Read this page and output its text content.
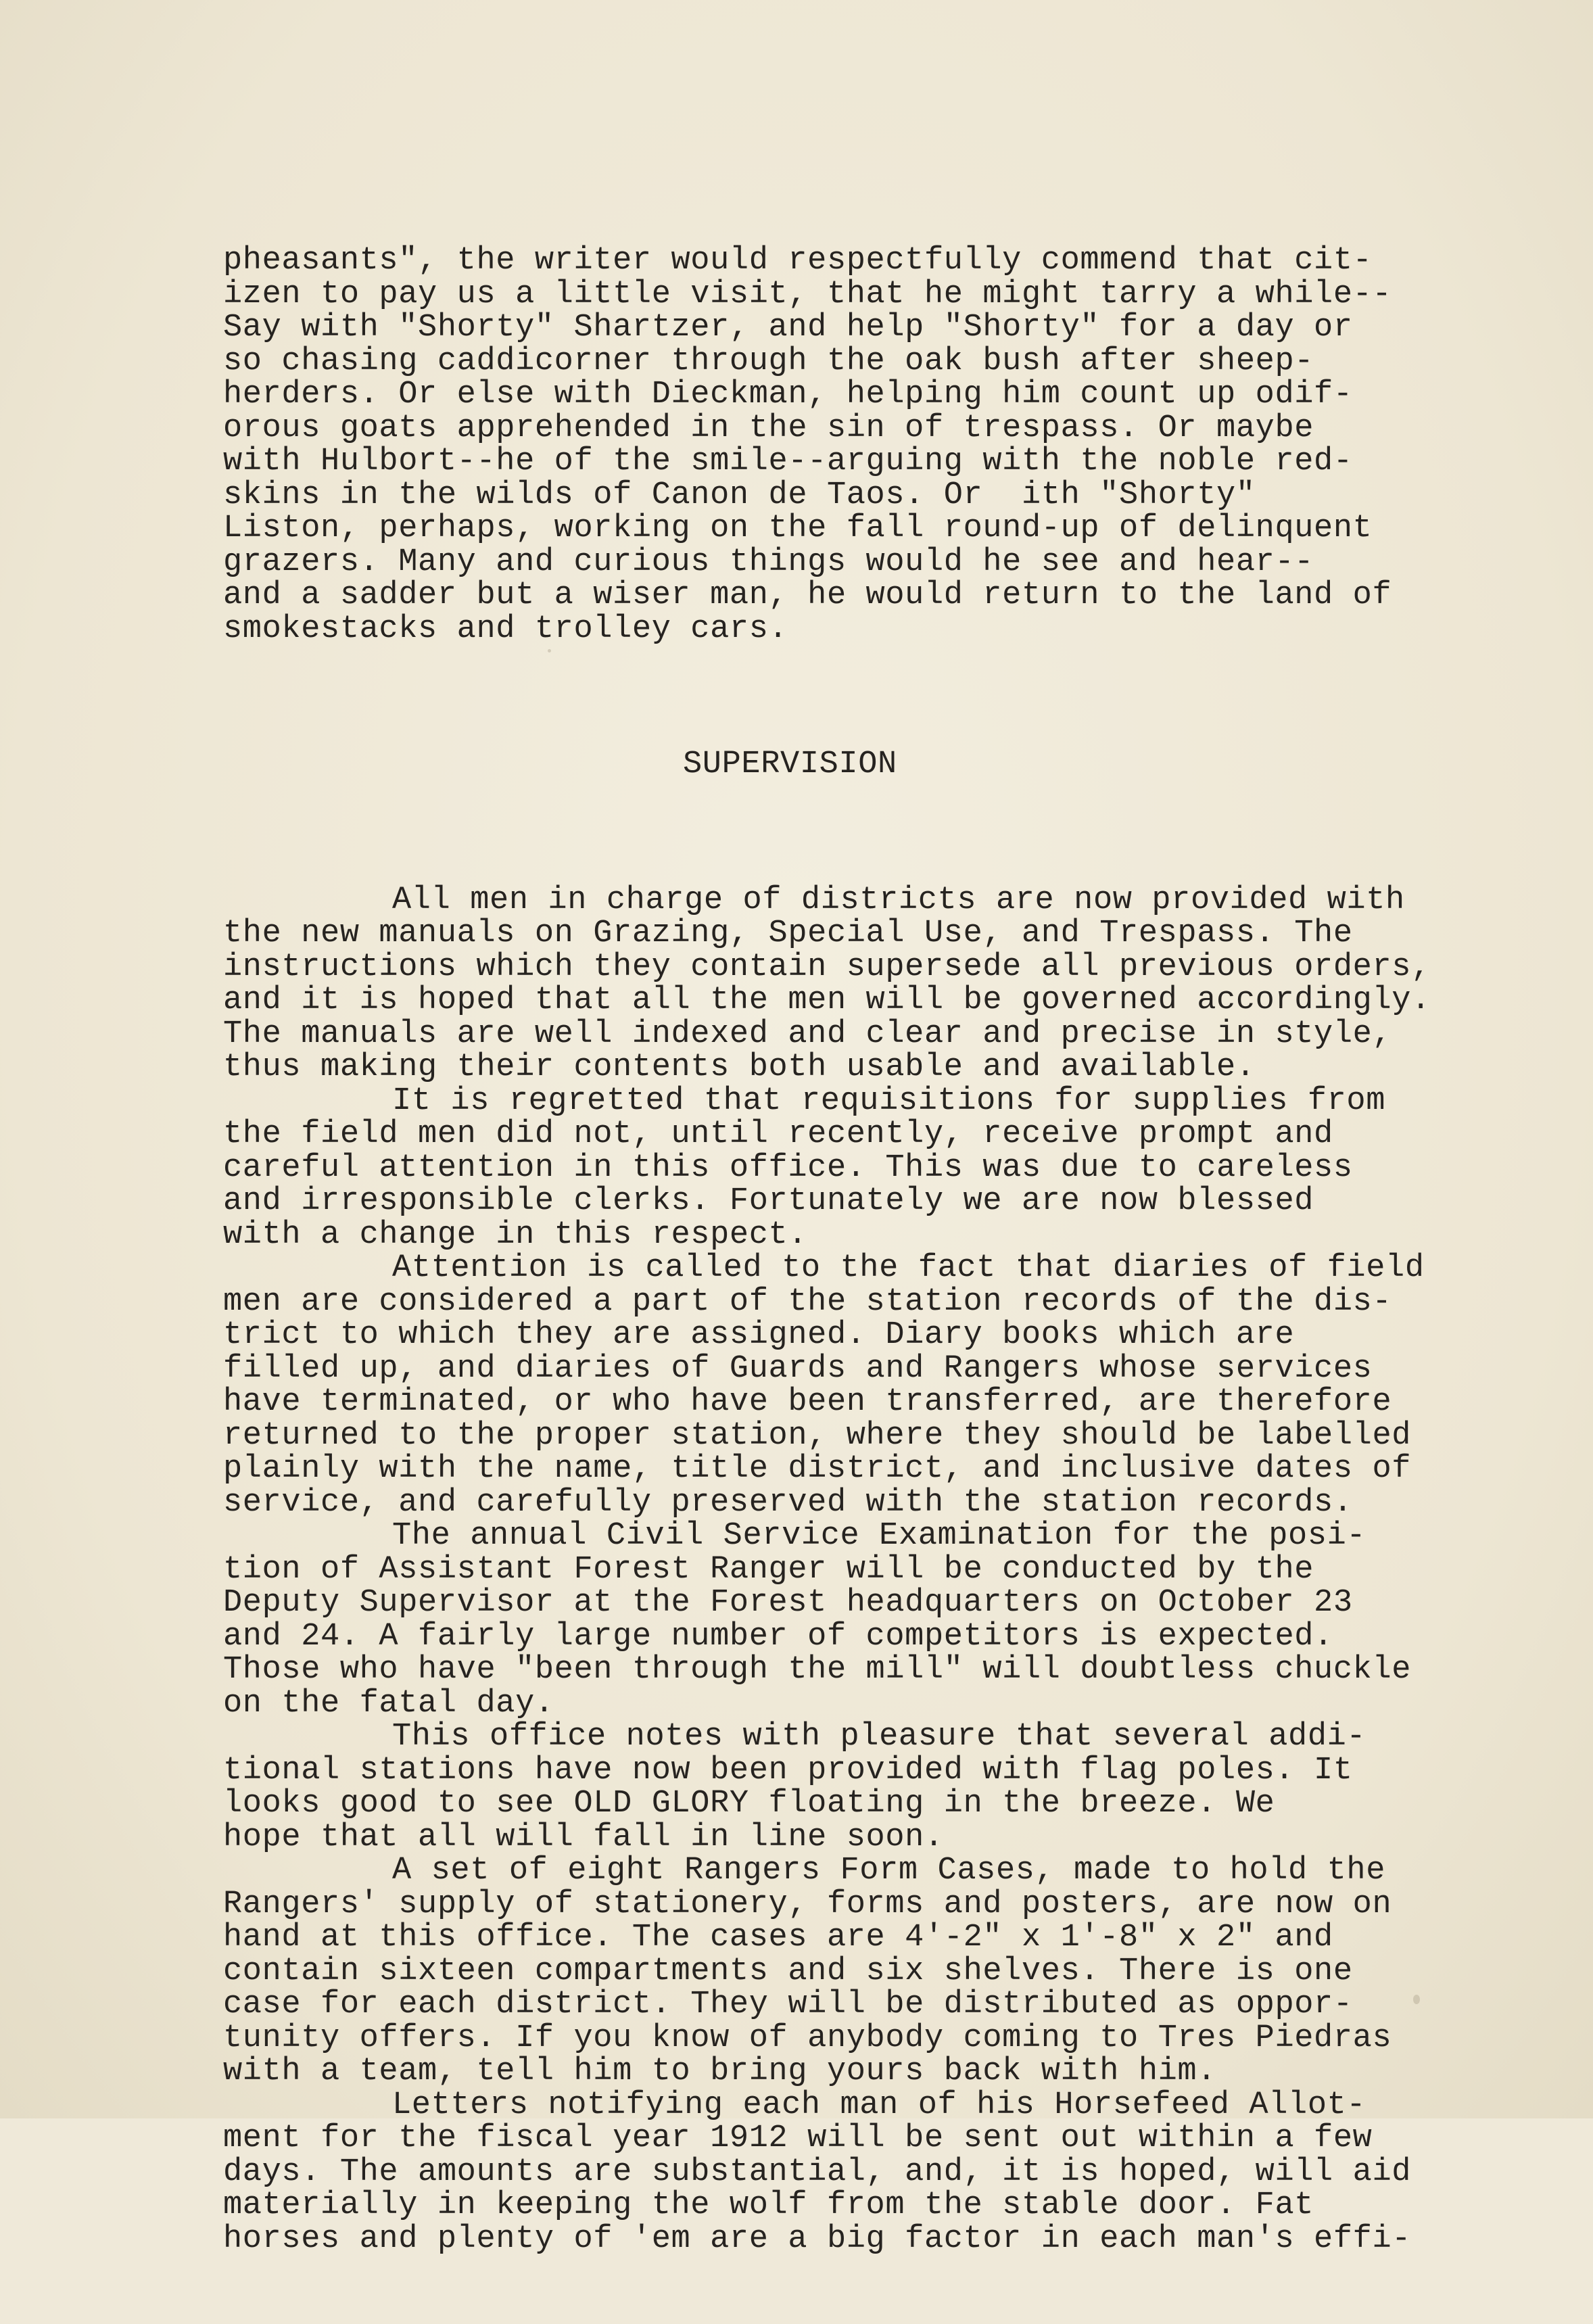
pheasants", the writer would respectfully commend that cit-
izen to pay us a little visit, that he might tarry a while--
Say with "Shorty" Shartzer, and help "Shorty" for a day or
so chasing caddicorner through the oak bush after sheep-
herders. Or else with Dieckman, helping him count up odif-
orous goats apprehended in the sin of trespass. Or maybe
with Hulbort--he of the smile--arguing with the noble red-
skins in the wilds of Canon de Taos. Or  ith "Shorty"
Liston, perhaps, working on the fall round-up of delinquent
grazers. Many and curious things would he see and hear--
and a sadder but a wiser man, he would return to the land of
smokestacks and trolley cars.

SUPERVISION

All men in charge of districts are now provided with
the new manuals on Grazing, Special Use, and Trespass. The
instructions which they contain supersede all previous orders,
and it is hoped that all the men will be governed accordingly.
The manuals are well indexed and clear and precise in style,
thus making their contents both usable and available.
It is regretted that requisitions for supplies from
the field men did not, until recently, receive prompt and
careful attention in this office. This was due to careless
and irresponsible clerks. Fortunately we are now blessed
with a change in this respect.
Attention is called to the fact that diaries of field
men are considered a part of the station records of the dis-
trict to which they are assigned. Diary books which are
filled up, and diaries of Guards and Rangers whose services
have terminated, or who have been transferred, are therefore
returned to the proper station, where they should be labelled
plainly with the name, title district, and inclusive dates of
service, and carefully preserved with the station records.
The annual Civil Service Examination for the posi-
tion of Assistant Forest Ranger will be conducted by the
Deputy Supervisor at the Forest headquarters on October 23
and 24. A fairly large number of competitors is expected.
Those who have "been through the mill" will doubtless chuckle
on the fatal day.
This office notes with pleasure that several addi-
tional stations have now been provided with flag poles. It
looks good to see OLD GLORY floating in the breeze. We
hope that all will fall in line soon.
A set of eight Rangers Form Cases, made to hold the
Rangers' supply of stationery, forms and posters, are now on
hand at this office. The cases are 4'-2" x 1'-8" x 2" and
contain sixteen compartments and six shelves. There is one
case for each district. They will be distributed as oppor-
tunity offers. If you know of anybody coming to Tres Piedras
with a team, tell him to bring yours back with him.
Letters notifying each man of his Horsefeed Allot-
ment for the fiscal year 1912 will be sent out within a few
days. The amounts are substantial, and, it is hoped, will aid
materially in keeping the wolf from the stable door. Fat
horses and plenty of 'em are a big factor in each man's effi-
